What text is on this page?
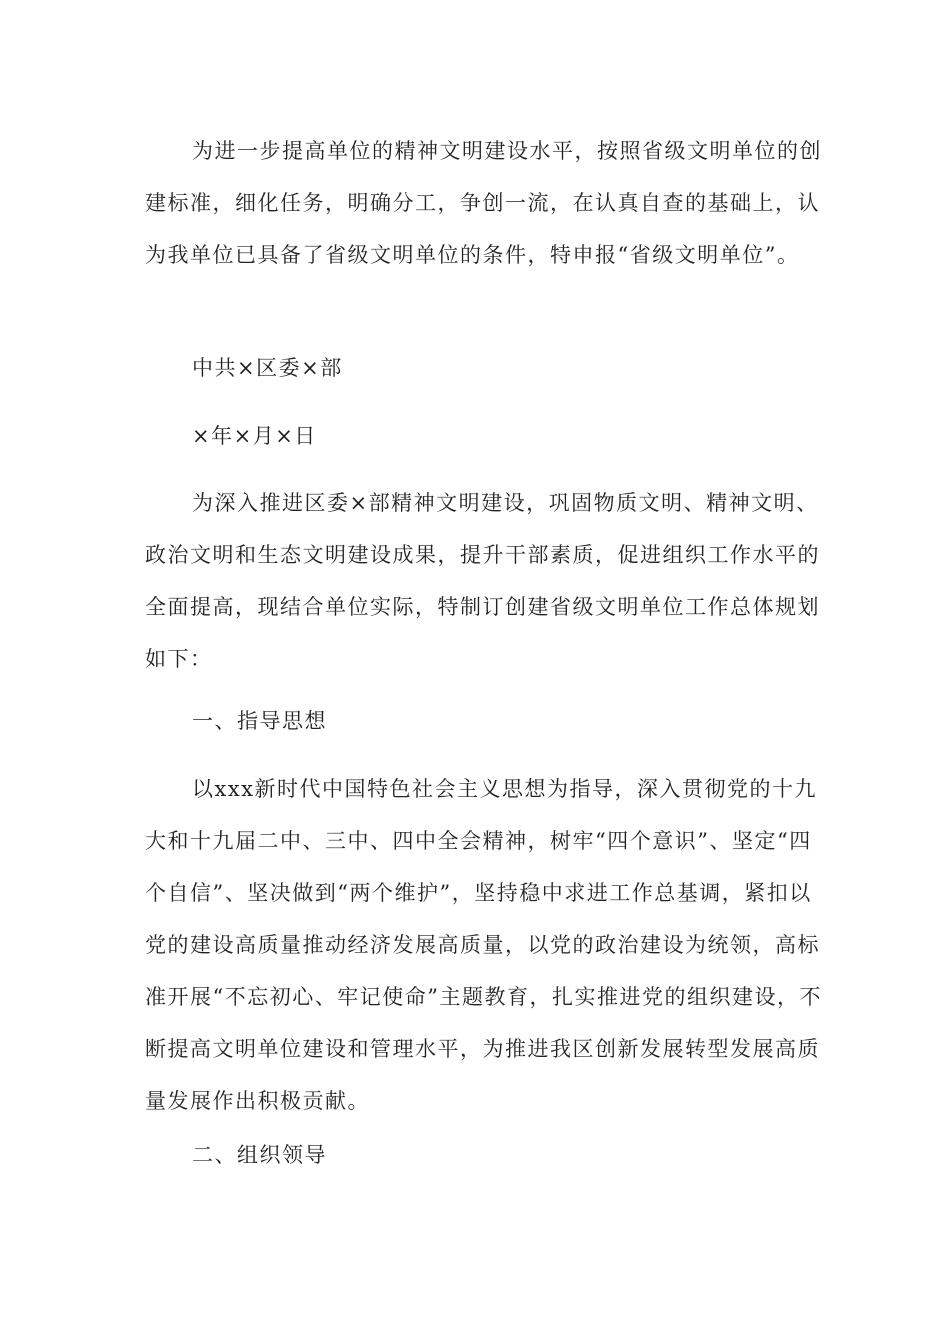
为进一步提高单位的精神文明建设水平，按照省级文明单位的创建标准，细化任务，明确分工，争创一流，在认真自查的基础上，认为我单位已具备了省级文明单位的条件，特申报“省级文明单位”。

中共×区委×部

×年×月×日

为深入推进区委×部精神文明建设，巩固物质文明、精神文明、政治文明和生态文明建设成果，提升干部素质，促进组织工作水平的全面提高，现结合单位实际，特制订创建省级文明单位工作总体规划如下：

一、指导思想

以xxx新时代中国特色社会主义思想为指导，深入贯彻党的十九大和十九届二中、三中、四中全会精神，树牢“四个意识”、坚定“四个自信”、坚决做到“两个维护”，坚持稳中求进工作总基调，紧扣以党的建设高质量推动经济发展高质量，以党的政治建设为统领，高标准开展“不忘初心、牢记使命”主题教育，扎实推进党的组织建设，不断提高文明单位建设和管理水平，为推进我区创新发展转型发展高质量发展作出积极贡献。

二、组织领导
